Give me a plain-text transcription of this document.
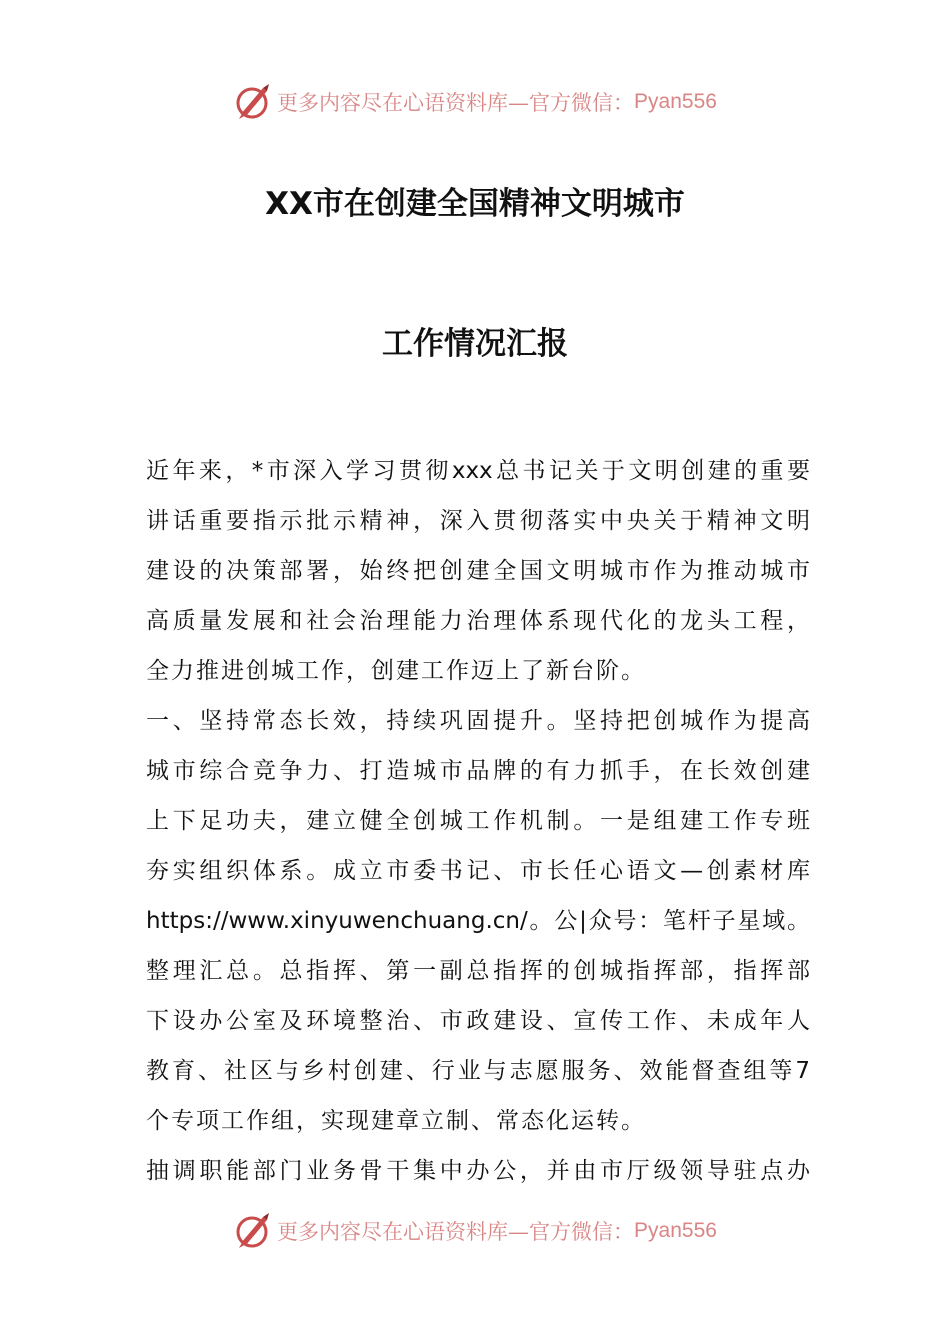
更多内容尽在心语资料库—官方微信： Pyan556
XX市在创建全国精神文明城市
工作情况汇报
近年来，*市深入学习贯彻xxx总书记关于文明创建的重要
讲话重要指示批示精神，深入贯彻落实中央关于精神文明
建设的决策部署，始终把创建全国文明城市作为推动城市
高质量发展和社会治理能力治理体系现代化的龙头工程，
全力推进创城工作，创建工作迈上了新台阶。
一、坚持常态长效，持续巩固提升。坚持把创城作为提高
城市综合竞争力、打造城市品牌的有力抓手，在长效创建
上下足功夫，建立健全创城工作机制。一是组建工作专班
夯实组织体系。成立市委书记、市长任心语文—创素材库
https://www.xinyuwenchuang.cn/。公|众号：笔杆子星域。
整理汇总。总指挥、第一副总指挥的创城指挥部，指挥部
下设办公室及环境整治、市政建设、宣传工作、未成年人
教育、社区与乡村创建、行业与志愿服务、效能督查组等7
个专项工作组，实现建章立制、常态化运转。
抽调职能部门业务骨干集中办公，并由市厅级领导驻点办
更多内容尽在心语资料库—官方微信： Pyan556
